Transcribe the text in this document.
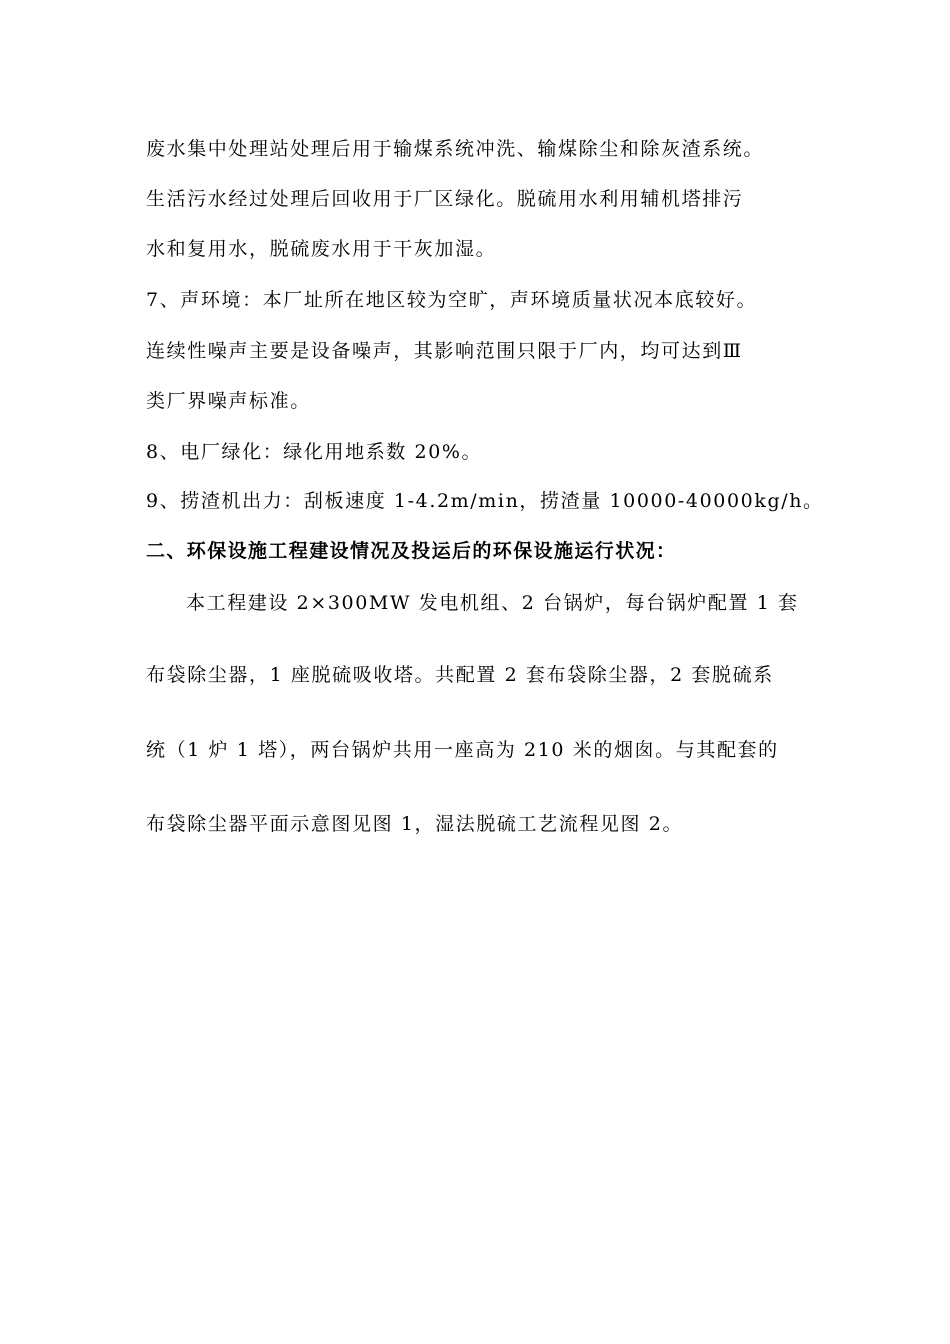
废水集中处理站处理后用于输煤系统冲洗、输煤除尘和除灰渣系统。
生活污水经过处理后回收用于厂区绿化。脱硫用水利用辅机塔排污
水和复用水，脱硫废水用于干灰加湿。
7、声环境：本厂址所在地区较为空旷，声环境质量状况本底较好。
连续性噪声主要是设备噪声，其影响范围只限于厂内，均可达到Ⅲ
类厂界噪声标准。
8、电厂绿化：绿化用地系数 20%。
9、捞渣机出力：刮板速度 1-4.2m/min，捞渣量 10000-40000kg/h。
二、环保设施工程建设情况及投运后的环保设施运行状况：
本工程建设 2×300MW 发电机组、2 台锅炉，每台锅炉配置 1 套
布袋除尘器，1 座脱硫吸收塔。共配置 2 套布袋除尘器，2 套脱硫系
统（1 炉 1 塔），两台锅炉共用一座高为 210 米的烟囱。与其配套的
布袋除尘器平面示意图见图 1，湿法脱硫工艺流程见图 2。
